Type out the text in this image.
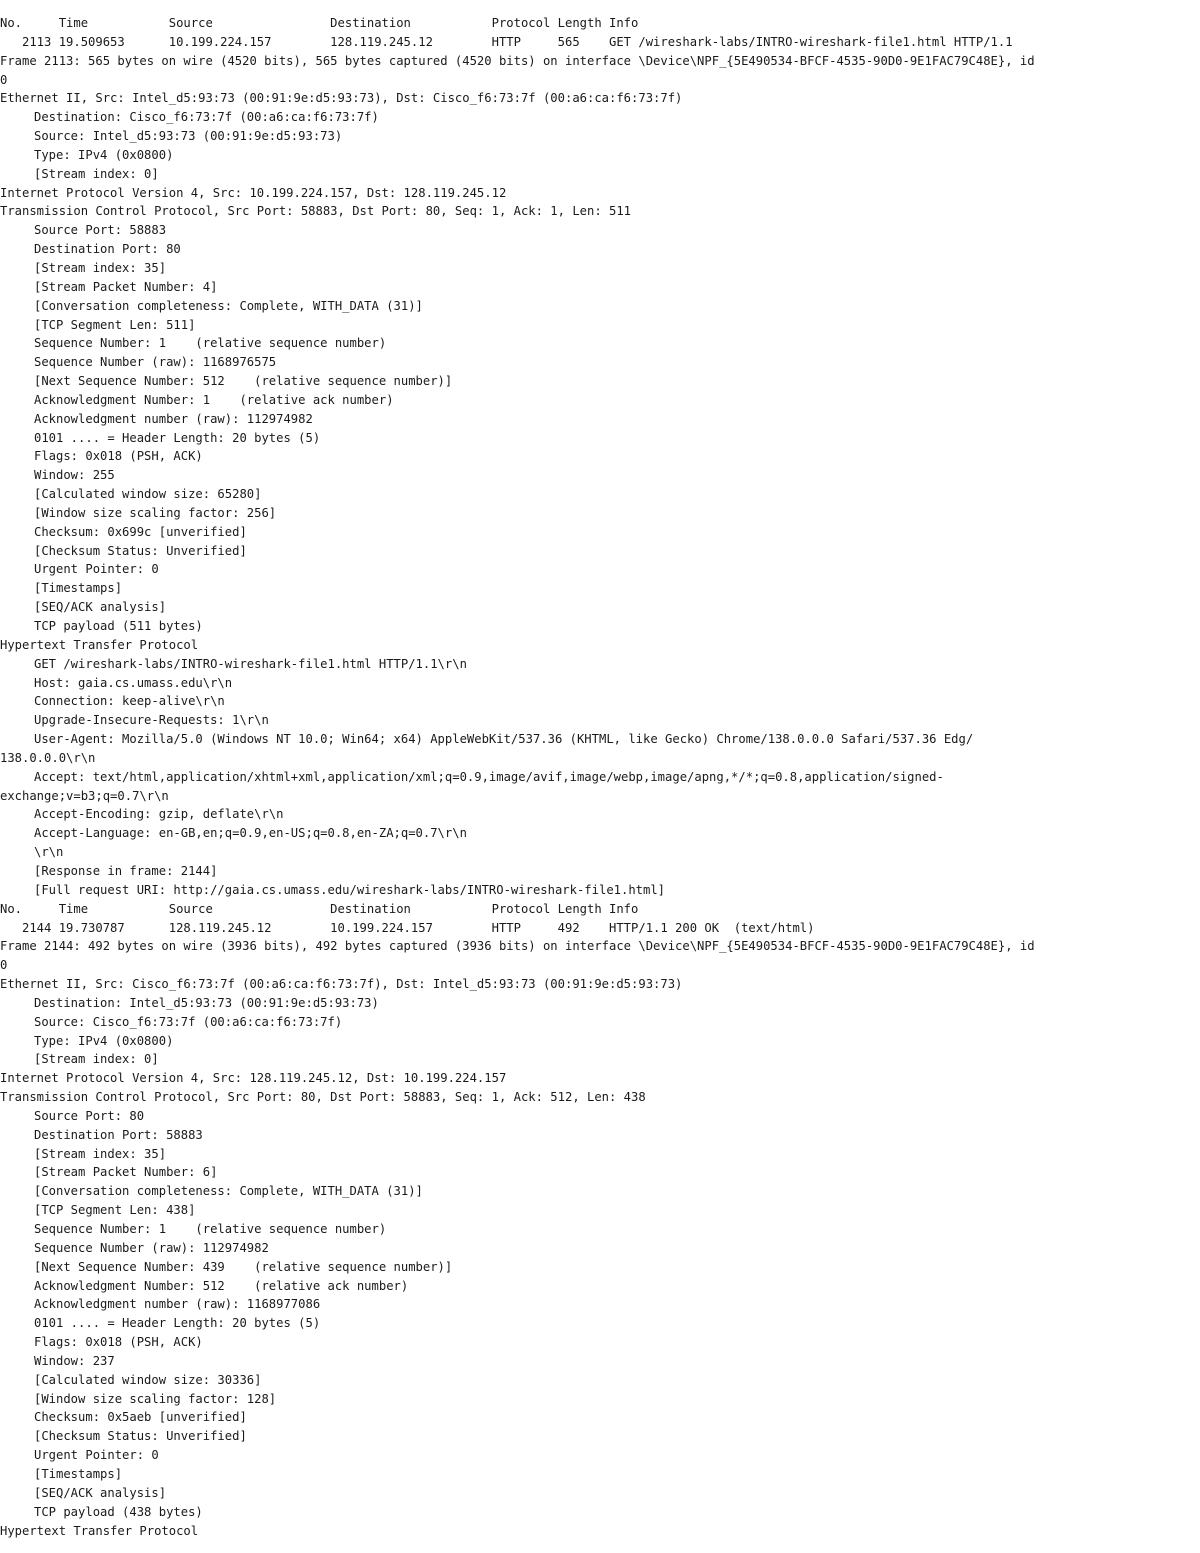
No.     Time           Source                Destination           Protocol Length Info
2113 19.509653      10.199.224.157        128.119.245.12        HTTP     565    GET /wireshark-labs/INTRO-wireshark-file1.html HTTP/1.1
Frame 2113: 565 bytes on wire (4520 bits), 565 bytes captured (4520 bits) on interface \Device\NPF_{5E490534-BFCF-4535-90D0-9E1FAC79C48E}, id
0
Ethernet II, Src: Intel_d5:93:73 (00:91:9e:d5:93:73), Dst: Cisco_f6:73:7f (00:a6:ca:f6:73:7f)
Destination: Cisco_f6:73:7f (00:a6:ca:f6:73:7f)
Source: Intel_d5:93:73 (00:91:9e:d5:93:73)
Type: IPv4 (0x0800)
[Stream index: 0]
Internet Protocol Version 4, Src: 10.199.224.157, Dst: 128.119.245.12
Transmission Control Protocol, Src Port: 58883, Dst Port: 80, Seq: 1, Ack: 1, Len: 511
Source Port: 58883
Destination Port: 80
[Stream index: 35]
[Stream Packet Number: 4]
[Conversation completeness: Complete, WITH_DATA (31)]
[TCP Segment Len: 511]
Sequence Number: 1    (relative sequence number)
Sequence Number (raw): 1168976575
[Next Sequence Number: 512    (relative sequence number)]
Acknowledgment Number: 1    (relative ack number)
Acknowledgment number (raw): 112974982
0101 .... = Header Length: 20 bytes (5)
Flags: 0x018 (PSH, ACK)
Window: 255
[Calculated window size: 65280]
[Window size scaling factor: 256]
Checksum: 0x699c [unverified]
[Checksum Status: Unverified]
Urgent Pointer: 0
[Timestamps]
[SEQ/ACK analysis]
TCP payload (511 bytes)
Hypertext Transfer Protocol
GET /wireshark-labs/INTRO-wireshark-file1.html HTTP/1.1\r\n
Host: gaia.cs.umass.edu\r\n
Connection: keep-alive\r\n
Upgrade-Insecure-Requests: 1\r\n
User-Agent: Mozilla/5.0 (Windows NT 10.0; Win64; x64) AppleWebKit/537.36 (KHTML, like Gecko) Chrome/138.0.0.0 Safari/537.36 Edg/
138.0.0.0\r\n
Accept: text/html,application/xhtml+xml,application/xml;q=0.9,image/avif,image/webp,image/apng,*/*;q=0.8,application/signed-
exchange;v=b3;q=0.7\r\n
Accept-Encoding: gzip, deflate\r\n
Accept-Language: en-GB,en;q=0.9,en-US;q=0.8,en-ZA;q=0.7\r\n
\r\n
[Response in frame: 2144]
[Full request URI: http://gaia.cs.umass.edu/wireshark-labs/INTRO-wireshark-file1.html]
No.     Time           Source                Destination           Protocol Length Info
2144 19.730787      128.119.245.12        10.199.224.157        HTTP     492    HTTP/1.1 200 OK  (text/html)
Frame 2144: 492 bytes on wire (3936 bits), 492 bytes captured (3936 bits) on interface \Device\NPF_{5E490534-BFCF-4535-90D0-9E1FAC79C48E}, id
0
Ethernet II, Src: Cisco_f6:73:7f (00:a6:ca:f6:73:7f), Dst: Intel_d5:93:73 (00:91:9e:d5:93:73)
Destination: Intel_d5:93:73 (00:91:9e:d5:93:73)
Source: Cisco_f6:73:7f (00:a6:ca:f6:73:7f)
Type: IPv4 (0x0800)
[Stream index: 0]
Internet Protocol Version 4, Src: 128.119.245.12, Dst: 10.199.224.157
Transmission Control Protocol, Src Port: 80, Dst Port: 58883, Seq: 1, Ack: 512, Len: 438
Source Port: 80
Destination Port: 58883
[Stream index: 35]
[Stream Packet Number: 6]
[Conversation completeness: Complete, WITH_DATA (31)]
[TCP Segment Len: 438]
Sequence Number: 1    (relative sequence number)
Sequence Number (raw): 112974982
[Next Sequence Number: 439    (relative sequence number)]
Acknowledgment Number: 512    (relative ack number)
Acknowledgment number (raw): 1168977086
0101 .... = Header Length: 20 bytes (5)
Flags: 0x018 (PSH, ACK)
Window: 237
[Calculated window size: 30336]
[Window size scaling factor: 128]
Checksum: 0x5aeb [unverified]
[Checksum Status: Unverified]
Urgent Pointer: 0
[Timestamps]
[SEQ/ACK analysis]
TCP payload (438 bytes)
Hypertext Transfer Protocol
